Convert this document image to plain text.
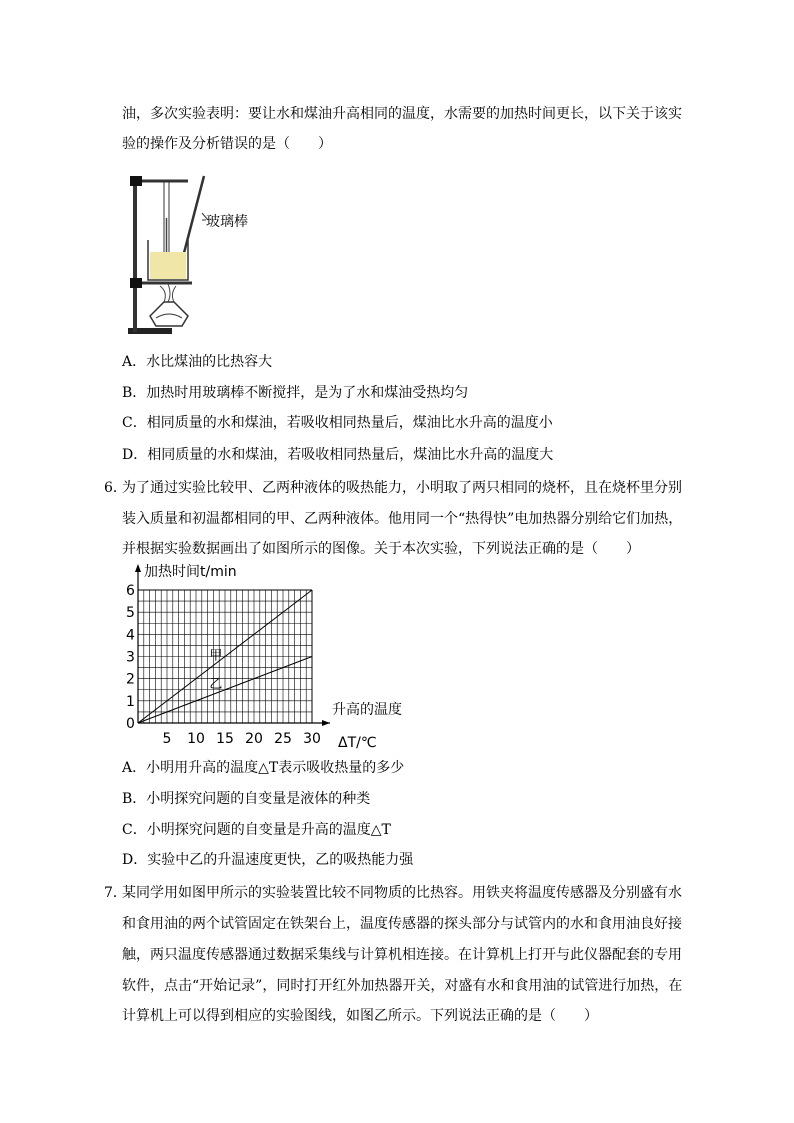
油，多次实验表明：要让水和煤油升高相同的温度，水需要的加热时间更长，以下关于该实
验的操作及分析错误的是（　　）
玻璃棒
A．水比煤油的比热容大
B．加热时用玻璃棒不断搅拌，是为了水和煤油受热均匀
C．相同质量的水和煤油，若吸收相同热量后，煤油比水升高的温度小
D．相同质量的水和煤油，若吸收相同热量后，煤油比水升高的温度大
6．
为了通过实验比较甲、乙两种液体的吸热能力，小明取了两只相同的烧杯，且在烧杯里分别
装入质量和初温都相同的甲、乙两种液体。他用同一个“热得快”电加热器分别给它们加热，
并根据实验数据画出了如图所示的图像。关于本次实验，下列说法正确的是（　　）
0
1
2
3
4
5
6
5 10 15 20 25 30
甲
乙
加热时间t/min
升高的温度
ΔT/℃
A．小明用升高的温度△T表示吸收热量的多少
B．小明探究问题的自变量是液体的种类
C．小明探究问题的自变量是升高的温度△T
D．实验中乙的升温速度更快，乙的吸热能力强
7．
某同学用如图甲所示的实验装置比较不同物质的比热容。用铁夹将温度传感器及分别盛有水
和食用油的两个试管固定在铁架台上，温度传感器的探头部分与试管内的水和食用油良好接
触，两只温度传感器通过数据采集线与计算机相连接。在计算机上打开与此仪器配套的专用
软件，点击“开始记录”，同时打开红外加热器开关，对盛有水和食用油的试管进行加热，在
计算机上可以得到相应的实验图线，如图乙所示。下列说法正确的是（　　）
